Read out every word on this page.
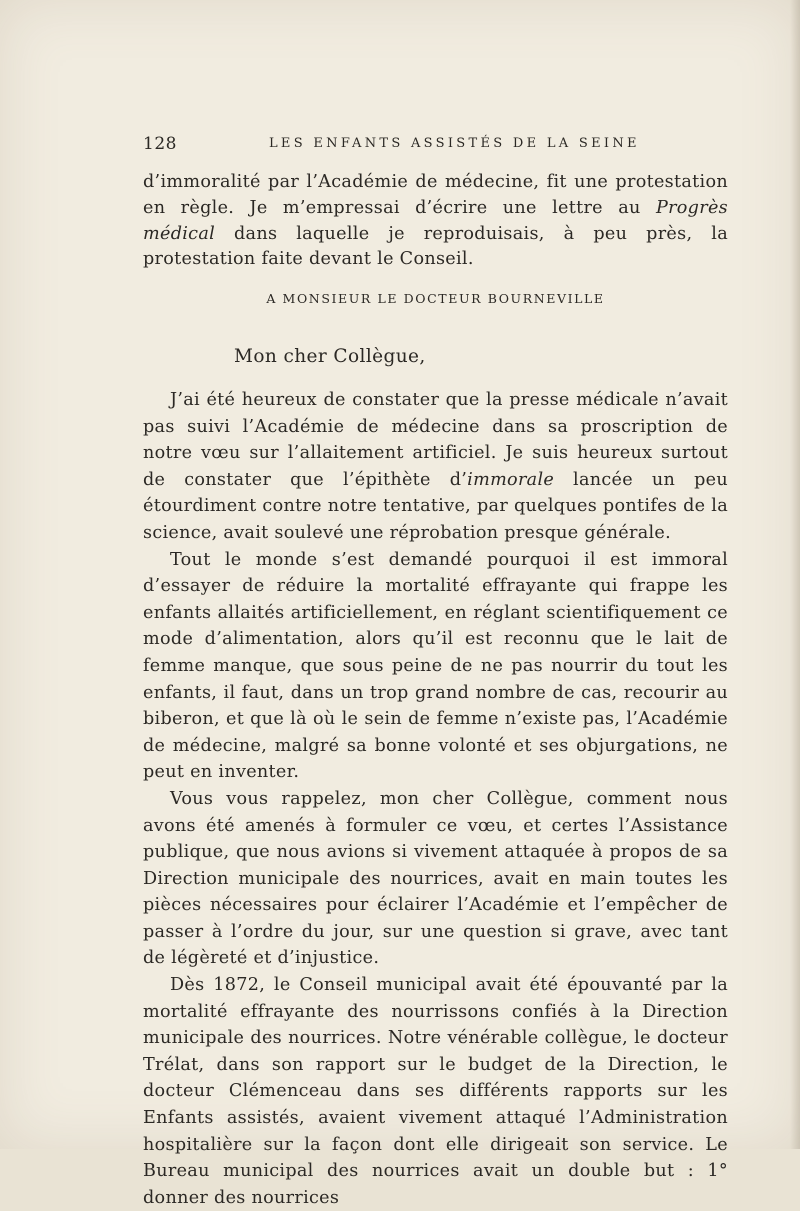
128	LES ENFANTS ASSISTÉS DE LA SEINE

d’immoralité par l’Académie de médecine, fit une protestation en règle. Je m’empressai d’écrire une lettre au Progrès médical dans laquelle je reproduisais, à peu près, la protestation faite devant le Conseil.

A MONSIEUR LE DOCTEUR BOURNEVILLE
Mon cher Collègue,

J’ai été heureux de constater que la presse médicale n’avait pas suivi l’Académie de médecine dans sa proscription de notre vœu sur l’allaitement artificiel. Je suis heureux surtout de constater que l’épithète d’immorale lancée un peu étourdiment contre notre tentative, par quelques pontifes de la science, avait soulevé une réprobation presque générale.

Tout le monde s’est demandé pourquoi il est immoral d’essayer de réduire la mortalité effrayante qui frappe les enfants allaités artificiellement, en réglant scientifiquement ce mode d’alimentation, alors qu’il est reconnu que le lait de femme manque, que sous peine de ne pas nourrir du tout les enfants, il faut, dans un trop grand nombre de cas, recourir au biberon, et que là où le sein de femme n’existe pas, l’Académie de médecine, malgré sa bonne volonté et ses objurgations, ne peut en inventer.

Vous vous rappelez, mon cher Collègue, comment nous avons été amenés à formuler ce vœu, et certes l’Assistance publique, que nous avions si vivement attaquée à propos de sa Direction municipale des nourrices, avait en main toutes les pièces nécessaires pour éclairer l’Académie et l’empêcher de passer à l’ordre du jour, sur une question si grave, avec tant de légèreté et d’injustice.

Dès 1872, le Conseil municipal avait été épouvanté par la mortalité effrayante des nourrissons confiés à la Direction municipale des nourrices. Notre vénérable collègue, le docteur Trélat, dans son rapport sur le budget de la Direction, le docteur Clémenceau dans ses différents rapports sur les Enfants assistés, avaient vivement attaqué l’Administration hospitalière sur la façon dont elle dirigeait son service. Le Bureau municipal des nourrices avait un double but : 1° donner des nourrices
